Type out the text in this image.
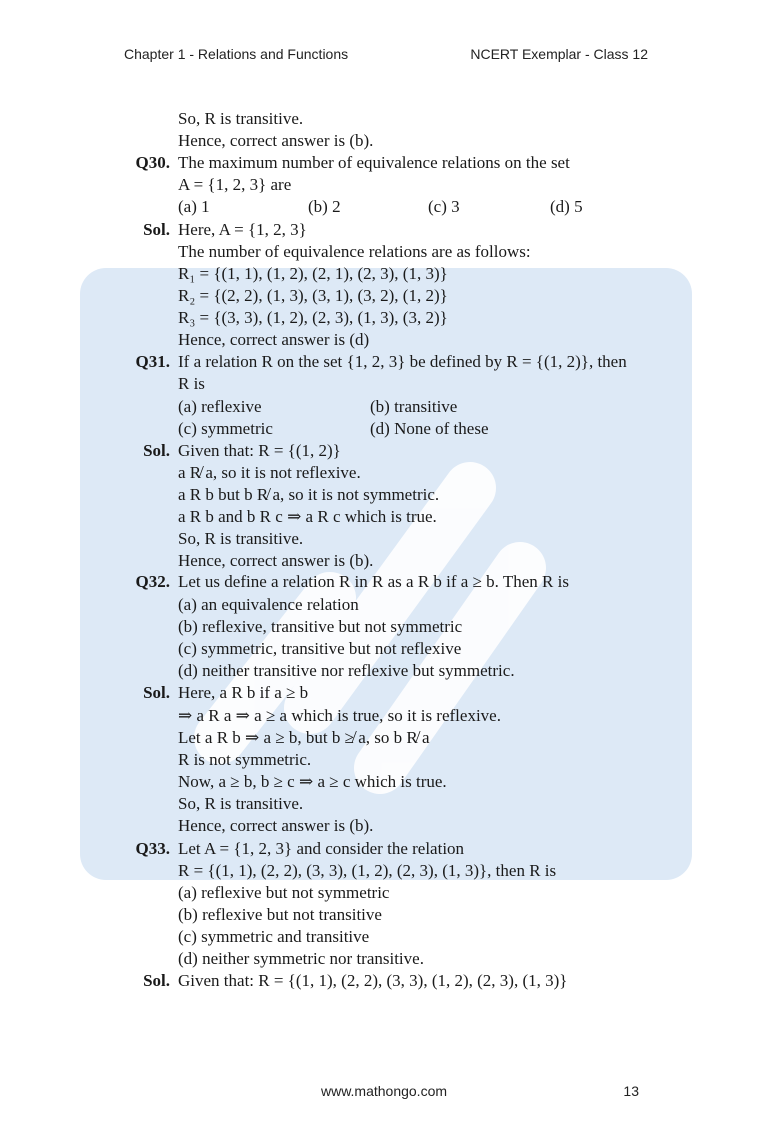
Chapter 1 - Relations and Functions	NCERT Exemplar - Class 12
So, R is transitive.
Hence, correct answer is (b).
Q30. The maximum number of equivalence relations on the set
A = {1, 2, 3} are
Sol. Here, A = {1, 2, 3}
The number of equivalence relations are as follows:
R₁ = {(1, 1), (1, 2), (2, 1), (2, 3), (1, 3)}
R₂ = {(2, 2), (1, 3), (3, 1), (3, 2), (1, 2)}
R₃ = {(3, 3), (1, 2), (2, 3), (1, 3), (3, 2)}
Hence, correct answer is (d)
Q31. If a relation R on the set {1, 2, 3} be defined by R = {(1, 2)}, then
R is
Sol. Given that: R = {(1, 2)}
a R̸ a, so it is not reflexive.
a R b but b R̸ a, so it is not symmetric.
a R b and b R c ⇒ a R c which is true.
So, R is transitive.
Hence, correct answer is (b).
Q32. Let us define a relation R in R as a R b if a ≥ b. Then R is
(a) an equivalence relation
(b) reflexive, transitive but not symmetric
(c) symmetric, transitive but not reflexive
(d) neither transitive nor reflexive but symmetric.
Sol. Here, a R b if a ≥ b
⇒ a R a ⇒ a ≥ a which is true, so it is reflexive.
Let a R b ⇒ a ≥ b, but b ≱ a, so b R̸ a
R is not symmetric.
Now, a ≥ b, b ≥ c ⇒ a ≥ c which is true.
So, R is transitive.
Hence, correct answer is (b).
Q33. Let A = {1, 2, 3} and consider the relation
R = {(1, 1), (2, 2), (3, 3), (1, 2), (2, 3), (1, 3)}, then R is
(a) reflexive but not symmetric
(b) reflexive but not transitive
(c) symmetric and transitive
(d) neither symmetric nor transitive.
Sol. Given that: R = {(1, 1), (2, 2), (3, 3), (1, 2), (2, 3), (1, 3)}
(a) 1	(b) 2	(c) 3	(d) 5
(a) reflexive	(b) transitive
(c) symmetric	(d) None of these
www.mathongo.com	13
